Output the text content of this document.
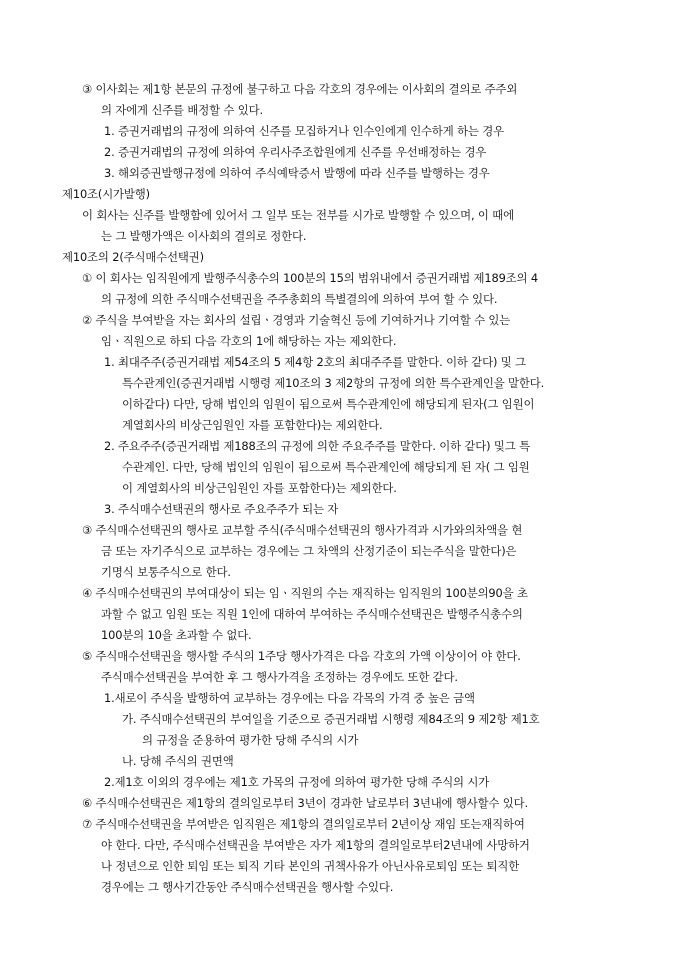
③ 이사회는 제1항 본문의 규정에 불구하고 다음 각호의 경우에는 이사회의 결의로 주주외
의 자에게 신주를 배정할 수 있다.
1. 증권거래법의 규정에 의하여 신주를 모집하거나 인수인에게 인수하게 하는 경우
2. 증권거래법의 규정에 의하여 우리사주조합원에게 신주를 우선배정하는 경우
3. 해외증권발행규정에 의하여 주식예탁증서 발행에 따라 신주를 발행하는 경우
제10조(시가발행)
이 회사는 신주를 발행함에 있어서 그 일부 또는 전부를 시가로 발행할 수 있으며, 이 때에
는 그 발행가액은 이사회의 결의로 정한다.
제10조의 2(주식매수선택권)
① 이 회사는 임직원에게 발행주식총수의 100분의 15의 범위내에서 증권거래법 제189조의 4
의 규정에 의한 주식매수선택권을 주주총회의 특별결의에 의하여 부여 할 수 있다.
② 주식을 부여받을 자는 회사의 설립ㆍ경영과 기술혁신 등에 기여하거나 기여할 수 있는
임ㆍ직원으로 하되 다음 각호의 1에 해당하는 자는 제외한다.
1. 최대주주(증권거래법 제54조의 5 제4항 2호의 최대주주를 말한다. 이하 같다) 및 그
특수관계인(증권거래법 시행령 제10조의 3 제2항의 규정에 의한 특수관계인을 말한다.
이하같다) 다만, 당해 법인의 임원이 됨으로써 특수관계인에 해당되게 된자(그 임원이
계열회사의 비상근임원인 자를 포함한다)는 제외한다.
2. 주요주주(증권거래법 제188조의 규정에 의한 주요주주를 말한다. 이하 같다) 및그 특
수관계인. 다만, 당해 법인의 임원이 됨으로써 특수관계인에 해당되게 된 자( 그 임원
이 계열회사의 비상근임원인 자를 포함한다)는 제외한다.
3. 주식매수선택권의 행사로 주요주주가 되는 자
③ 주식매수선택권의 행사로 교부할 주식(주식매수선택권의 행사가격과 시가와의차액을 현
금 또는 자기주식으로 교부하는 경우에는 그 차액의 산정기준이 되는주식을 말한다)은
기명식 보통주식으로 한다.
④ 주식매수선택권의 부여대상이 되는 임ㆍ직원의 수는 재직하는 임직원의 100분의90을 초
과할 수 없고 임원 또는 직원 1인에 대하여 부여하는 주식매수선택권은 발행주식총수의
100분의 10을 초과할 수 없다.
⑤ 주식매수선택권을 행사할 주식의 1주당 행사가격은 다음 각호의 가액 이상이어 야 한다.
주식매수선택권을 부여한 후 그 행사가격을 조정하는 경우에도 또한 같다.
1.새로이 주식을 발행하여 교부하는 경우에는 다음 각목의 가격 중 높은 금액
가. 주식매수선택권의 부여일을 기준으로 증권거래법 시행령 제84조의 9 제2항 제1호
의 규정을 준용하여 평가한 당해 주식의 시가
나. 당해 주식의 권면액
2.제1호 이외의 경우에는 제1호 가목의 규정에 의하여 평가한 당해 주식의 시가
⑥ 주식매수선택권은 제1항의 결의일로부터 3년이 경과한 날로부터 3년내에 행사할수 있다.
⑦ 주식매수선택권을 부여받은 임직원은 제1항의 결의일로부터 2년이상 재임 또는재직하여
야 한다. 다만, 주식매수선택권을 부여받은 자가 제1항의 결의일로부터2년내에 사망하거
나 정년으로 인한 퇴임 또는 퇴직 기타 본인의 귀책사유가 아닌사유로퇴임 또는 퇴직한
경우에는 그 행사기간동안 주식매수선택권을 행사할 수있다.
